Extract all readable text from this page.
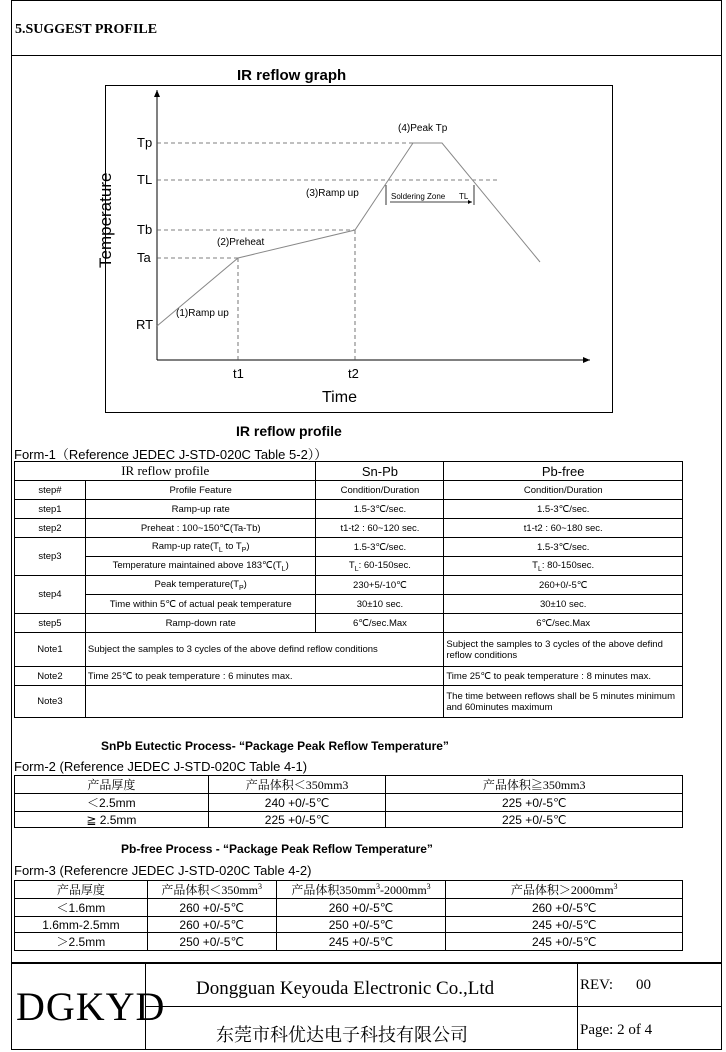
5.SUGGEST PROFILE
IR reflow graph
Temperature
Tp
TL
Tb
Ta
RT
t1	t2
Time
(1)Ramp up
(2)Preheat
(3)Ramp up
(4)Peak Tp
Soldering Zone TL
IR reflow profile
Form-1（Reference JEDEC J-STD-020C Table 5-2））
IR reflow profile		Sn-Pb	Pb-free
step#	Profile Feature	Condition/Duration	Condition/Duration
step1	Ramp-up rate	1.5-3℃/sec.	1.5-3℃/sec.
step2	Preheat : 100~150℃(Ta-Tb)	t1-t2 : 60~120 sec.	t1-t2 : 60~180 sec.
step3	Ramp-up $rate(T_L$ to $T_P$)	1.5-3℃/sec.	1.5-3℃/sec.
	Temperature maintained above $183℃(T_L)$	$T_L$: 60-150sec.	$T_L$: 80-150sec.
step4	Peak $temperature(T_P)$	230+5/-10℃	260+0/-5℃
	Time within 5℃ of actual peak temperature	30±10 sec.	30±10 sec.
step5	Ramp-down rate	6℃/sec.Max	6℃/sec.Max
Note1	Subject the samples to 3 cycles of the above defind reflow conditions		Subject the samples to 3 cycles of the above defind reflow conditions
Note2	Time 25℃ to peak temperature : 6 minutes max.		Time 25℃ to peak temperature : 8 minutes max.
Note3			The time between reflows shall be 5 minutes minimum and 60minutes maximum
SnPb Eutectic Process- “Package Peak Reflow Temperature”
Form-2 (Reference JEDEC J-STD-020C Table 4-1)
产品厚度	产品体积＜350mm3	产品体积≧350mm3
＜2.5mm	240 +0/-5℃	225 +0/-5℃
≧ 2.5mm	225 +0/-5℃	225 +0/-5℃
Pb-free Process - “Package Peak Reflow Temperature”
Form-3 (Referencre JEDEC J-STD-020C Table 4-2)
产品厚度	产品体积$<350mm^3$	产品体积$350mm^3-2000mm^3$	产品体积$>2000mm^3$
＜1.6mm	260 +0/-5℃	260 +0/-5℃	260 +0/-5℃
1.6mm-2.5mm	260 +0/-5℃	250 +0/-5℃	245 +0/-5℃
＞2.5mm	250 +0/-5℃	245 +0/-5℃	245 +0/-5℃
DGKYD Dongguan Keyouda Electronic Co.,Ltd
东莞市科优达电子科技有限公司
REV: 00
Page: 2 of 4
